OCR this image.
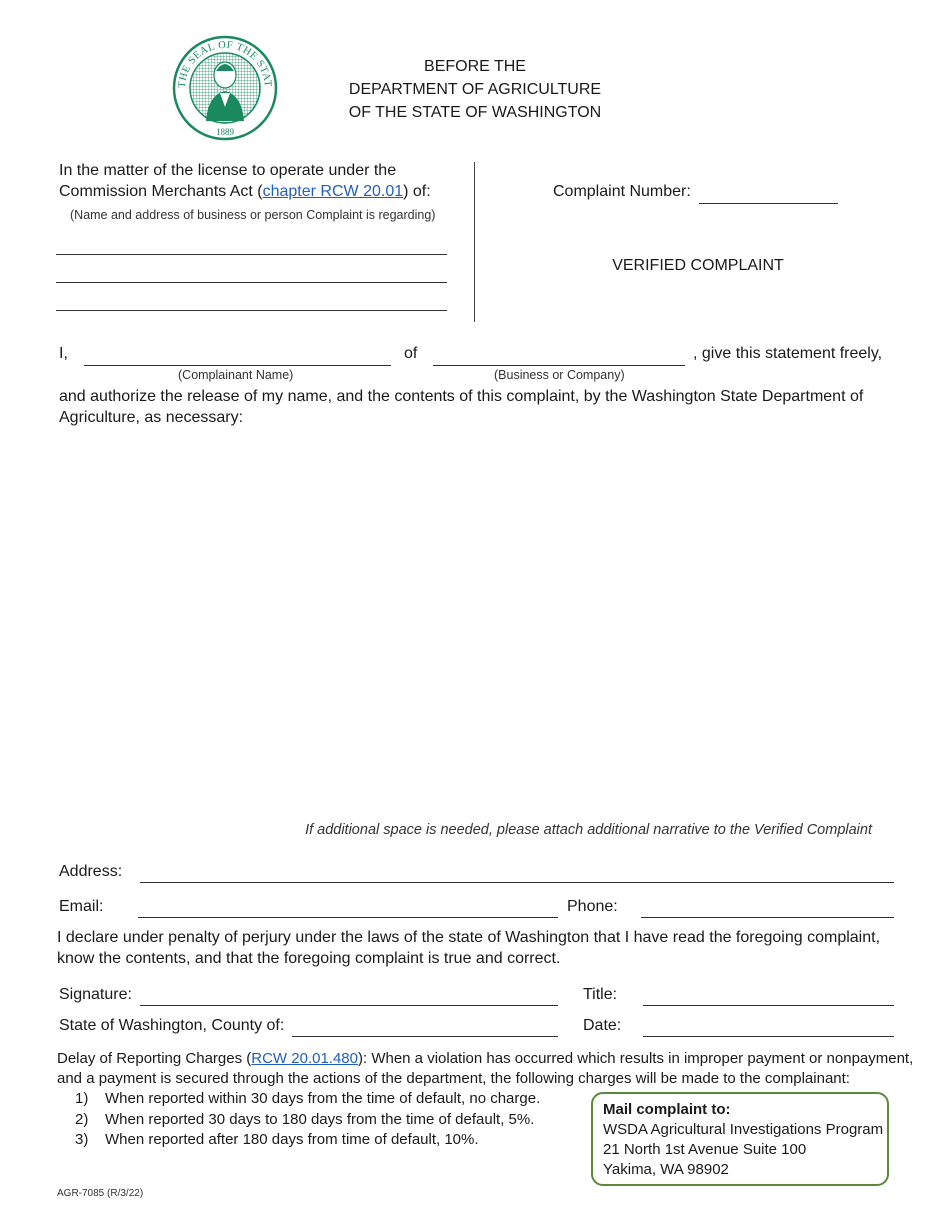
THE SEAL OF THE STAT
1889
BEFORE THE
DEPARTMENT OF AGRICULTURE
OF THE STATE OF WASHINGTON
In the matter of the license to operate under the
Commission Merchants Act (chapter RCW 20.01) of:
(Name and address of business or person Complaint is regarding)
Complaint Number:
VERIFIED COMPLAINT
I,	of	, give this statement freely,
(Complainant Name)	(Business or Company)
and authorize the release of my name, and the contents of this complaint, by the Washington State Department of Agriculture, as necessary:
If additional space is needed, please attach additional narrative to the Verified Complaint
Address:
Email:	Phone:
I declare under penalty of perjury under the laws of the state of Washington that I have read the foregoing complaint, know the contents, and that the foregoing complaint is true and correct.
Signature:	Title:
State of Washington, County of:	Date:
Delay of Reporting Charges (RCW 20.01.480): When a violation has occurred which results in improper payment or nonpayment,
and a payment is secured through the actions of the department, the following charges will be made to the complainant:
1)	When reported within 30 days from the time of default, no charge.
2)	When reported 30 days to 180 days from the time of default, 5%.
3)	When reported after 180 days from time of default, 10%.
Mail complaint to:
WSDA Agricultural Investigations Program
21 North 1st Avenue Suite 100
Yakima, WA 98902
AGR-7085 (R/3/22)
